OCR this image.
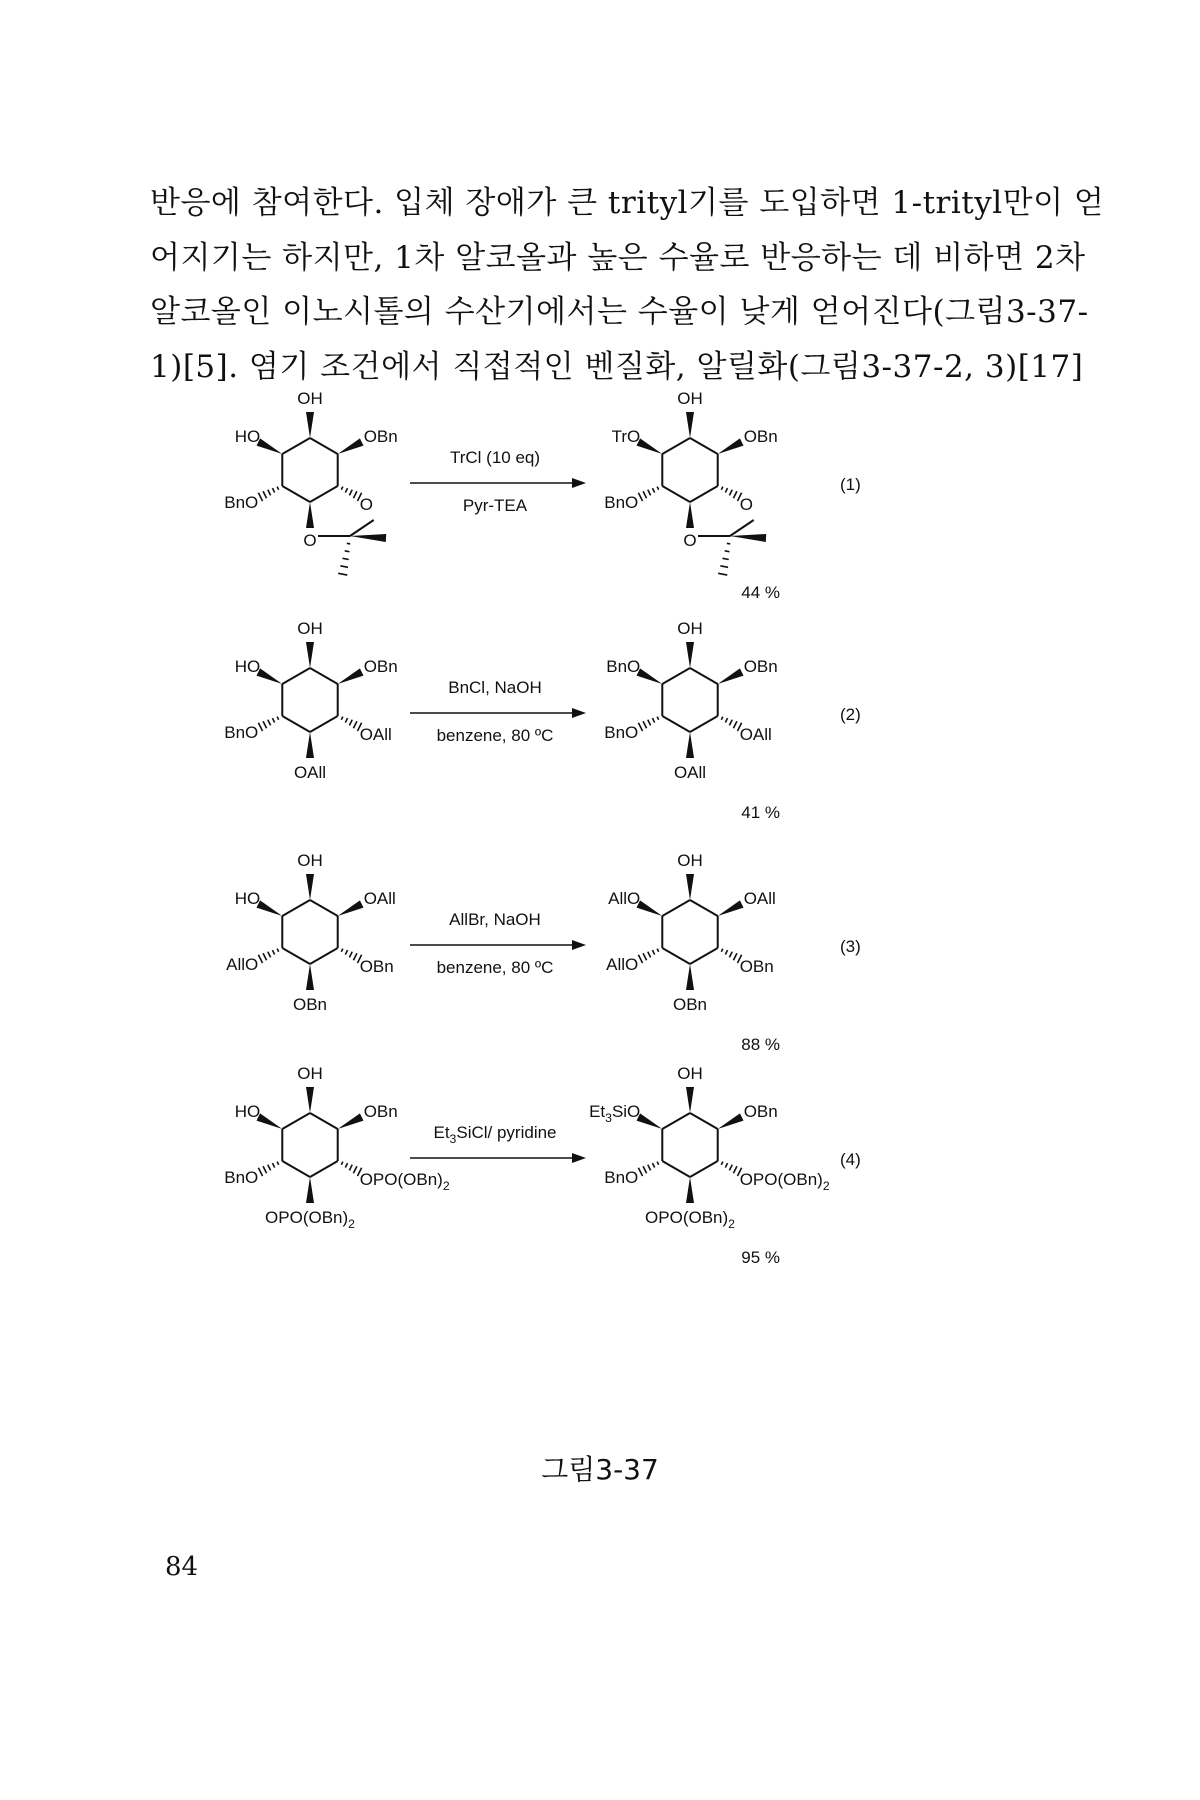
반응에 참여한다. 입체 장애가 큰 trityl기를 도입하면 1-trityl만이 얻
어지기는 하지만, 1차 알코올과 높은 수율로 반응하는 데 비하면 2차
알코올인 이노시톨의 수산기에서는 수율이 낮게 얻어진다(그림3-37-
1)[5]. 염기 조건에서 직접적인 벤질화, 알릴화(그림3-37-2, 3)[17]
OH
OBn
HO
BnO	O
O
OH
OBn
TrO
BnO	O
O
TrCl (10 eq)
Pyr-TEA
(1)
44 %
OH
OBn
HO
BnO	OAll
OAll
OH
OBn
BnO
BnO	OAll
OAll
BnCl, NaOH
benzene, 80 ºC
(2)
41 %
OH
OAll
HO
AllO	OBn
OBn
OH
OAll
AllO
AllO	OBn
OBn
AllBr, NaOH
benzene, 80 ºC
(3)
88 %
OH
OBn
HO
BnO	$OPO(OBn)_2$
$OPO(OBn)_2$
OH
OBn
$Et_3SiO$
BnO	$OPO(OBn)_2$
$OPO(OBn)_2$
$Et_3SiCl/$ pyridine
(4)
95 %
그림3-37
84
